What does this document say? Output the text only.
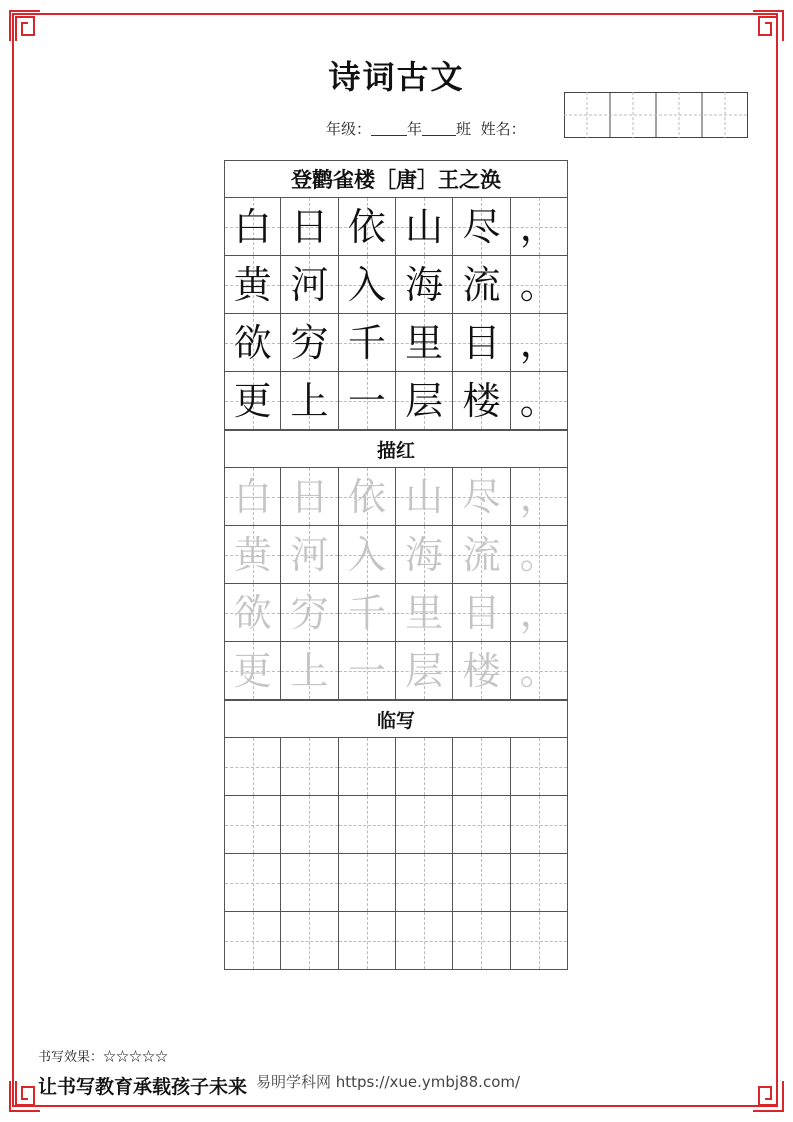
诗词古文
年级： 年 班 姓名：
登鹳雀楼［唐］王之涣
白 日 依 山 尽 ，
黄 河 入 海 流 。
欲 穷 千 里 目 ，
更 上 一 层 楼 。
描红
白 日 依 山 尽 ，
黄 河 入 海 流 。
欲 穷 千 里 目 ，
更 上 一 层 楼 。
临写
书写效果：☆☆☆☆☆
让书写教育承载孩子未来 易明学科网 https://xue.ymbj88.com/
